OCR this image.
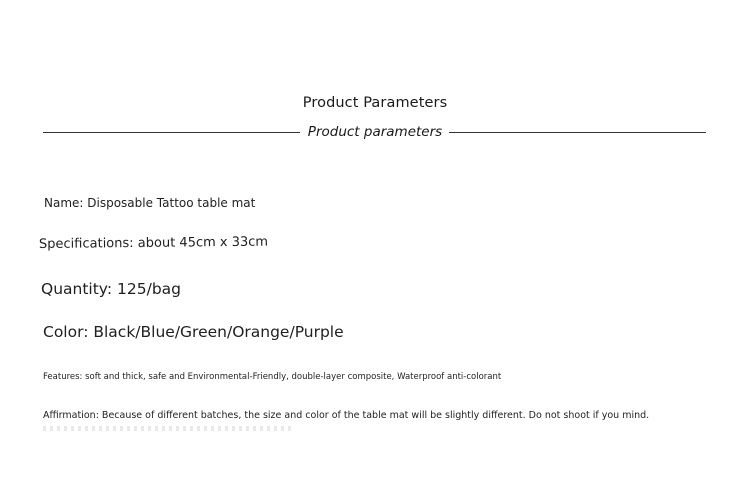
Product Parameters
Product parameters
Name: Disposable Tattoo table mat
Specifications: about 45cm x 33cm
Quantity: 125/bag
Color: Black/Blue/Green/Orange/Purple
Features: soft and thick, safe and Environmental-Friendly, double-layer composite, Waterproof anti-colorant
Affirmation: Because of different batches, the size and color of the table mat will be slightly different. Do not shoot if you mind.
